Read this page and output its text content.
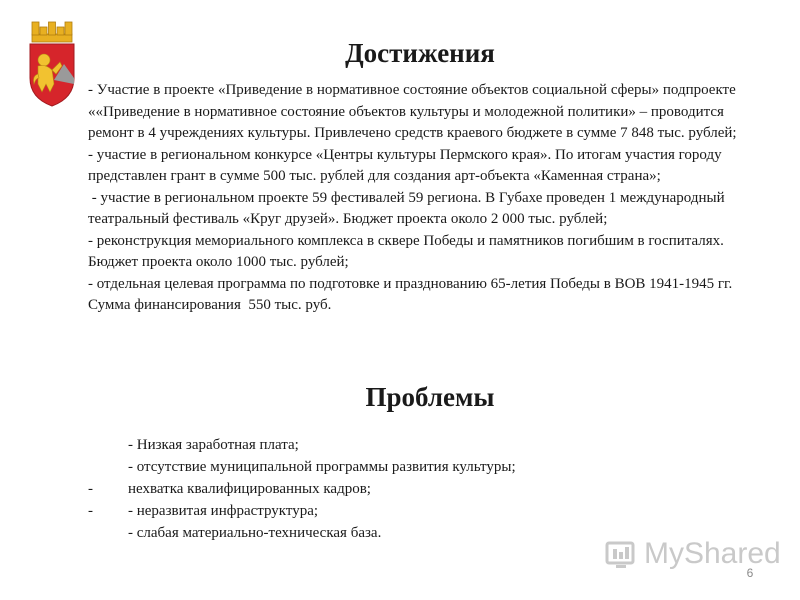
Достижения

- Участие в проекте «Приведение в нормативное состояние объектов социальной сферы» подпроекте ««Приведение в нормативное состояние объектов культуры и молодежной политики» – проводится ремонт в 4 учреждениях культуры. Привлечено средств краевого бюджете в сумме 7 848 тыс. рублей;

- участие в региональном конкурсе «Центры культуры Пермского края». По итогам участия городу представлен грант в сумме 500 тыс. рублей для создания арт-объекта «Каменная страна»;

- участие в региональном проекте 59 фестивалей 59 региона. В Губахе проведен 1 международный театральный фестиваль «Круг друзей». Бюджет проекта около 2 000 тыс. рублей;

- реконструкция мемориального комплекса в сквере Победы и памятников погибшим в госпиталях. Бюджет проекта около 1000 тыс. рублей;

- отдельная целевая программа по подготовке и празднованию 65-летия Победы в ВОВ 1941-1945 гг. Сумма финансирования  550 тыс. руб.

Проблемы
- Низкая заработная плата;
- отсутствие муниципальной программы развития культуры;
-	нехватка квалифицированных кадров;
-	- неразвитая инфраструктура;
- слабая материально-техническая база.
MyShared
6
